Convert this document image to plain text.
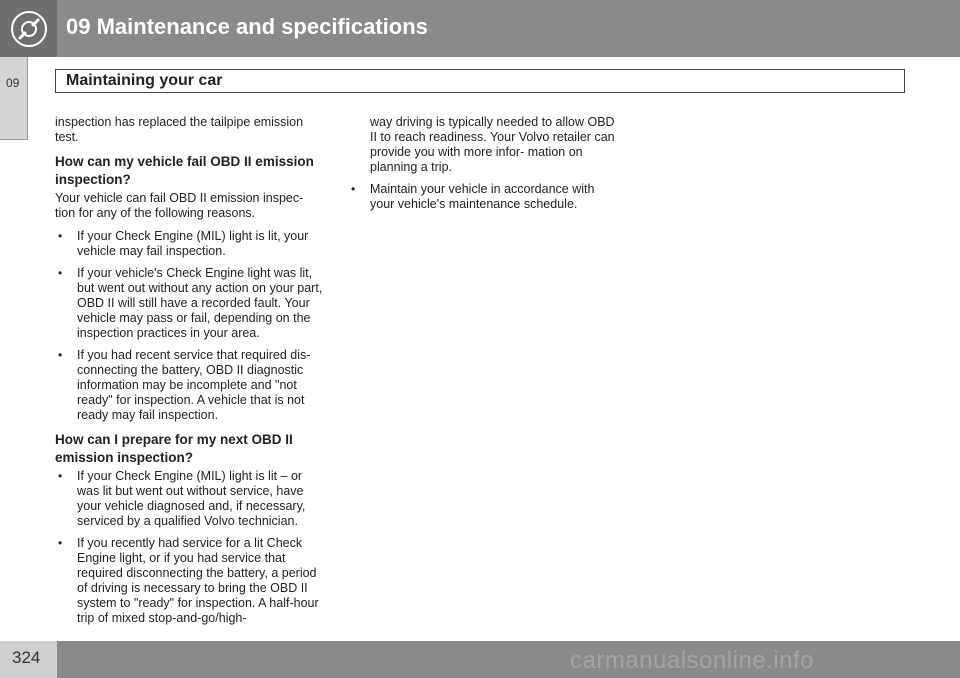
09 Maintenance and specifications
09	Maintaining your car

inspection has replaced the tailpipe emission test.

How can my vehicle fail OBD II emission inspection?

Your vehicle can fail OBD II emission inspec- tion for any of the following reasons.

• If your Check Engine (MIL) light is lit, your vehicle may fail inspection.
• If your vehicle's Check Engine light was lit, but went out without any action on your part, OBD II will still have a recorded fault. Your vehicle may pass or fail, depending on the inspection practices in your area.
• If you had recent service that required dis- connecting the battery, OBD II diagnostic information may be incomplete and "not ready" for inspection. A vehicle that is not ready may fail inspection.
How can I prepare for my next OBD II emission inspection?
• If your Check Engine (MIL) light is lit – or was lit but went out without service, have your vehicle diagnosed and, if necessary, serviced by a qualified Volvo technician.
• If you recently had service for a lit Check Engine light, or if you had service that required disconnecting the battery, a period of driving is necessary to bring the OBD II system to "ready" for inspection. A half-hour trip of mixed stop-and-go/high-
way driving is typically needed to allow OBD II to reach readiness. Your Volvo retailer can provide you with more infor- mation on planning a trip.
• Maintain your vehicle in accordance with your vehicle's maintenance schedule.
324	carmanualsonline.info
